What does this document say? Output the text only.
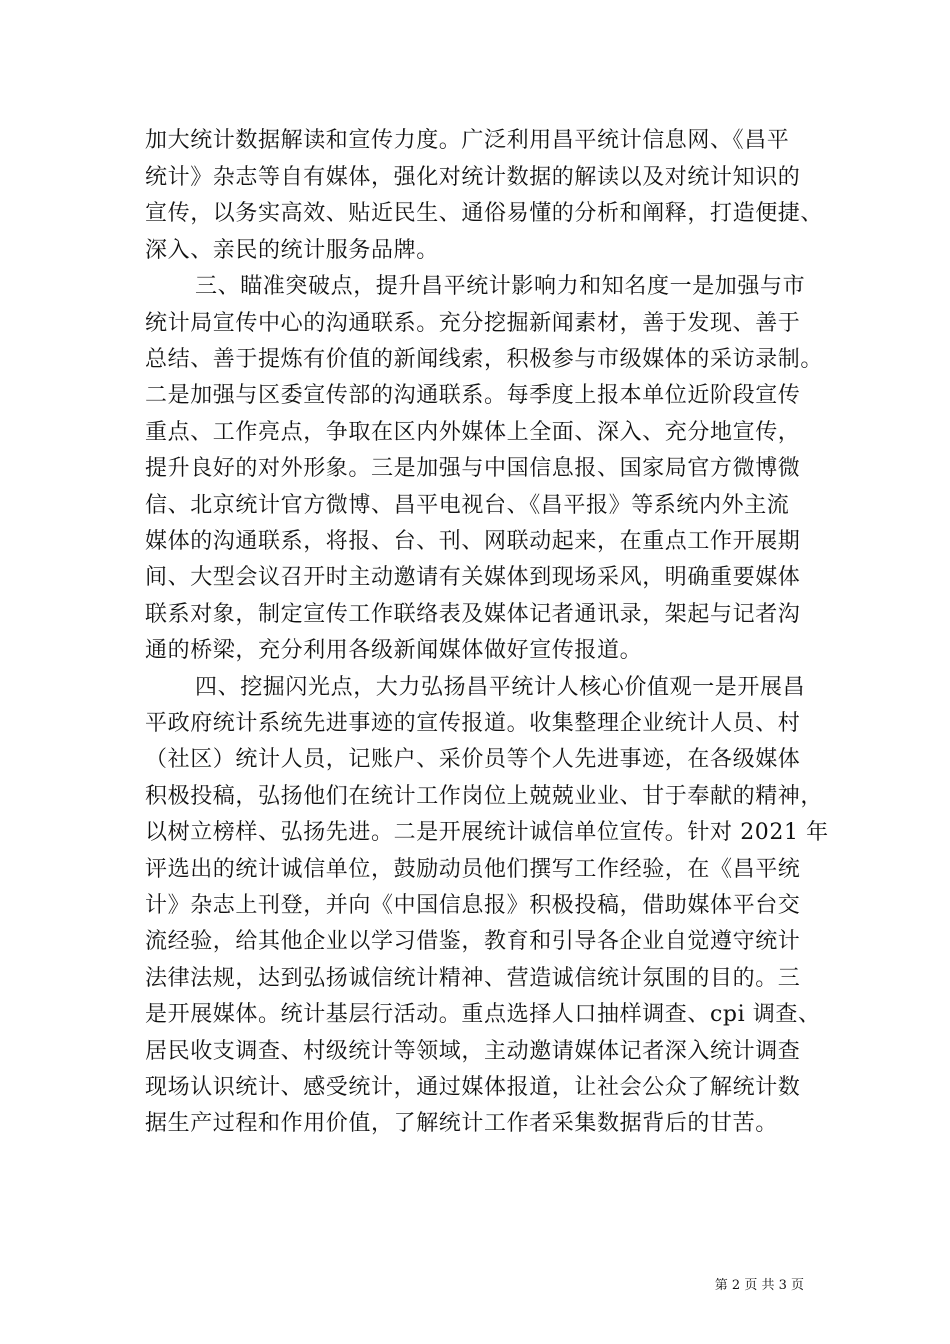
加大统计数据解读和宣传力度。广泛利用昌平统计信息网、《昌平
统计》杂志等自有媒体，强化对统计数据的解读以及对统计知识的
宣传，以务实高效、贴近民生、通俗易懂的分析和阐释，打造便捷、
深入、亲民的统计服务品牌。
三、瞄准突破点，提升昌平统计影响力和知名度一是加强与市
统计局宣传中心的沟通联系。充分挖掘新闻素材，善于发现、善于
总结、善于提炼有价值的新闻线索，积极参与市级媒体的采访录制。
二是加强与区委宣传部的沟通联系。每季度上报本单位近阶段宣传
重点、工作亮点，争取在区内外媒体上全面、深入、充分地宣传，
提升良好的对外形象。三是加强与中国信息报、国家局官方微博微
信、北京统计官方微博、昌平电视台、《昌平报》等系统内外主流
媒体的沟通联系，将报、台、刊、网联动起来，在重点工作开展期
间、大型会议召开时主动邀请有关媒体到现场采风，明确重要媒体
联系对象，制定宣传工作联络表及媒体记者通讯录，架起与记者沟
通的桥梁，充分利用各级新闻媒体做好宣传报道。
四、挖掘闪光点，大力弘扬昌平统计人核心价值观一是开展昌
平政府统计系统先进事迹的宣传报道。收集整理企业统计人员、村
（社区）统计人员，记账户、采价员等个人先进事迹，在各级媒体
积极投稿，弘扬他们在统计工作岗位上兢兢业业、甘于奉献的精神，
以树立榜样、弘扬先进。二是开展统计诚信单位宣传。针对 2021 年
评选出的统计诚信单位，鼓励动员他们撰写工作经验，在《昌平统
计》杂志上刊登，并向《中国信息报》积极投稿，借助媒体平台交
流经验，给其他企业以学习借鉴，教育和引导各企业自觉遵守统计
法律法规，达到弘扬诚信统计精神、营造诚信统计氛围的目的。三
是开展媒体。统计基层行活动。重点选择人口抽样调查、cpi 调查、
居民收支调查、村级统计等领域，主动邀请媒体记者深入统计调查
现场认识统计、感受统计，通过媒体报道，让社会公众了解统计数
据生产过程和作用价值，了解统计工作者采集数据背后的甘苦。
第 2 页 共 3 页
